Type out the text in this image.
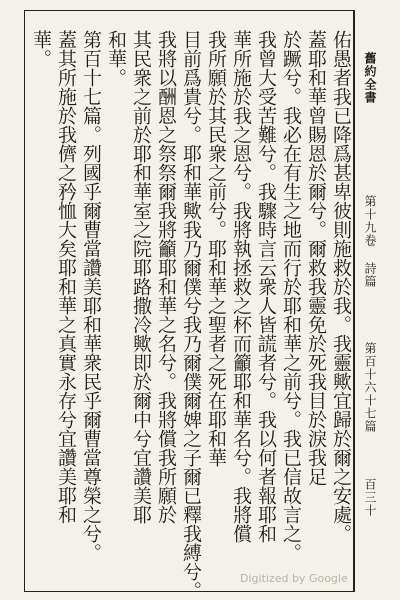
舊約全書
第十九卷
詩篇
第百十六十七篇
百三十
佑愚者我已降爲甚卑彼則施救於我。我靈歟宜歸於爾之安處。
蓋耶和華曾賜恩於爾兮。爾救我靈免於死我目於淚我足
於蹶兮。我必在有生之地而行於耶和華之前兮。我已信故言之。
我曾大受苦難兮。我驟時言云衆人皆謊者兮。我以何者報耶和
華所施於我之恩兮。我將執拯救之杯而籲耶和華名兮。我將償
我所願於其民衆之前兮。耶和華之聖者之死在耶和華
目前爲貴兮。耶和華歟我乃爾僕兮我乃爾僕爾婢之子爾已釋我縛兮。
我將以酬恩之祭祭爾我將籲耶和華之名兮。我將償我所願於
其民衆之前於耶和華室之院耶路撒冷歟即於爾中兮宜讚美耶
和華。
第百十七篇。列國乎爾曹當讚美耶和華衆民乎爾曹當尊榮之兮。
蓋其所施於我儕之矜恤大矣耶和華之真實永存兮宜讚美耶和
華。
Digitized by Google
